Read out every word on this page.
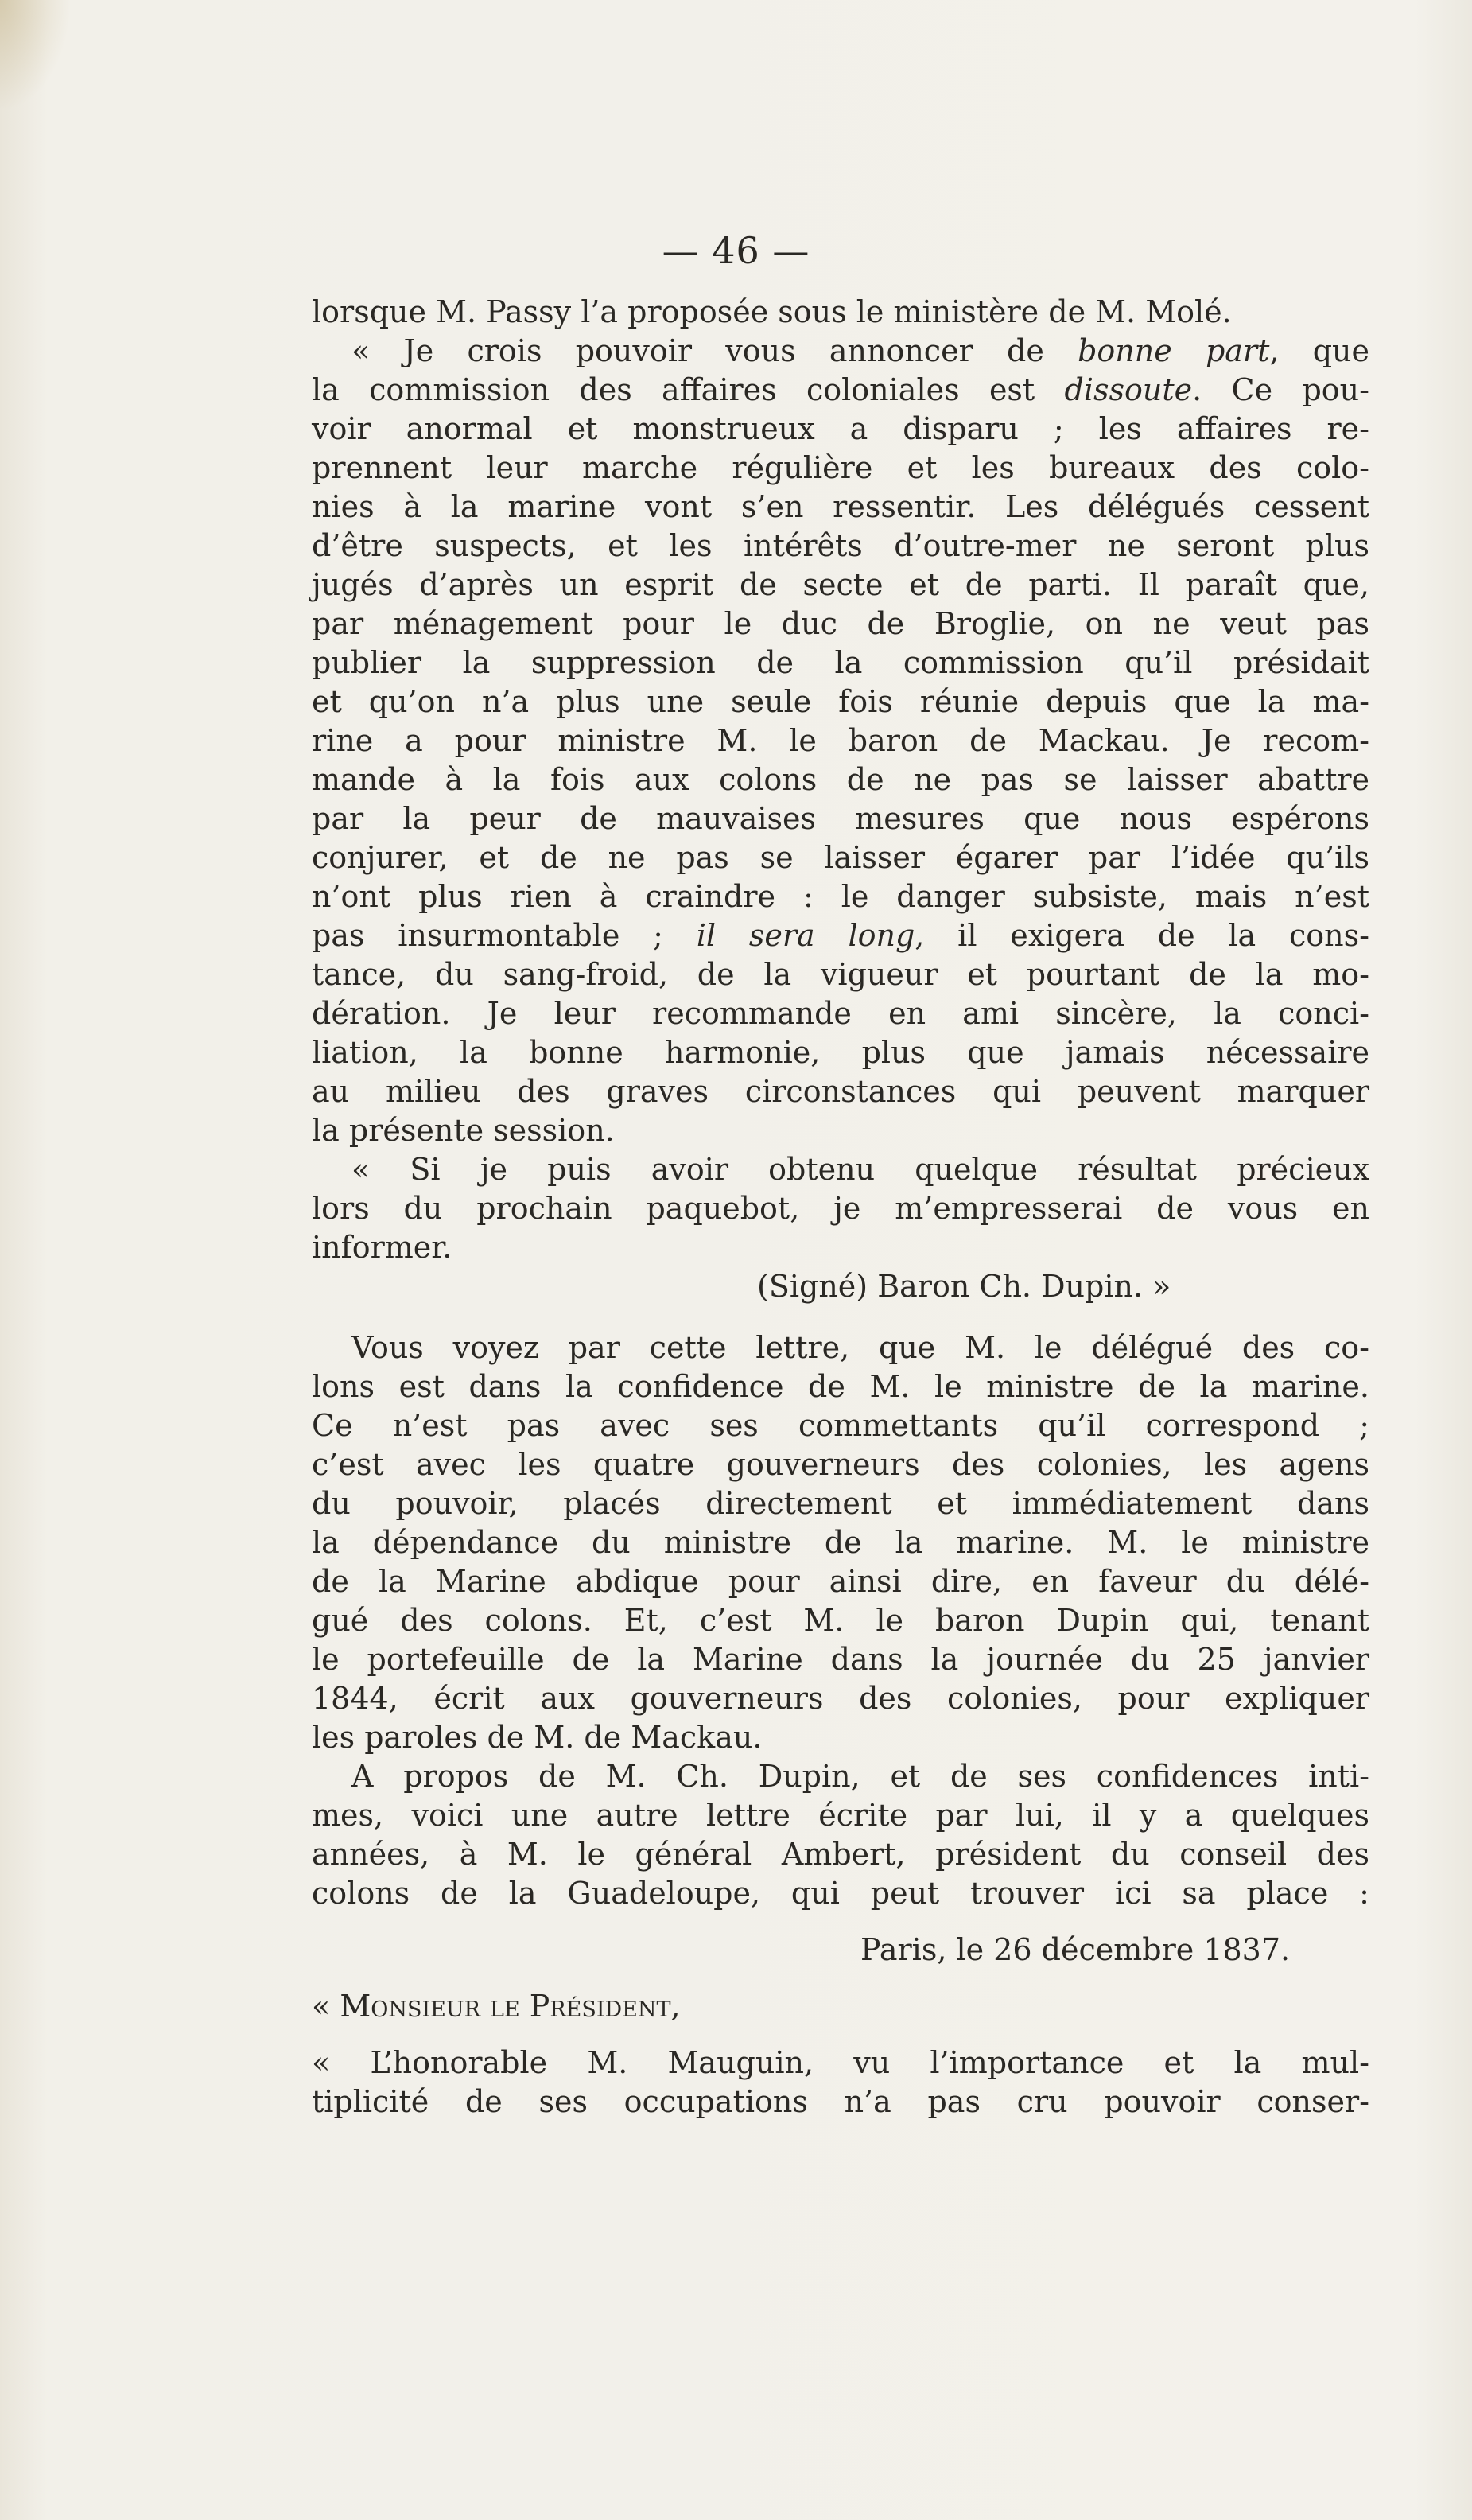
— 46 —
lorsque M. Passy l’a proposée sous le ministère de M. Molé.
« Je crois pouvoir vous annoncer de bonne part, que
la commission des affaires coloniales est dissoute. Ce pou-
voir anormal et monstrueux a disparu ; les affaires re-
prennent leur marche régulière et les bureaux des colo-
nies à la marine vont s’en ressentir. Les délégués cessent
d’être suspects, et les intérêts d’outre-mer ne seront plus
jugés d’après un esprit de secte et de parti. Il paraît que,
par ménagement pour le duc de Broglie, on ne veut pas
publier la suppression de la commission qu’il présidait
et qu’on n’a plus une seule fois réunie depuis que la ma-
rine a pour ministre M. le baron de Mackau. Je recom-
mande à la fois aux colons de ne pas se laisser abattre
par la peur de mauvaises mesures que nous espérons
conjurer, et de ne pas se laisser égarer par l’idée qu’ils
n’ont plus rien à craindre : le danger subsiste, mais n’est
pas insurmontable ; il sera long, il exigera de la cons-
tance, du sang-froid, de la vigueur et pourtant de la mo-
dération. Je leur recommande en ami sincère, la conci-
liation, la bonne harmonie, plus que jamais nécessaire
au milieu des graves circonstances qui peuvent marquer
la présente session.
« Si je puis avoir obtenu quelque résultat précieux
lors du prochain paquebot, je m’empresserai de vous en
informer.
(Signé) Baron Ch. Dupin. »
Vous voyez par cette lettre, que M. le délégué des co-
lons est dans la confidence de M. le ministre de la marine.
Ce n’est pas avec ses commettants qu’il correspond ;
c’est avec les quatre gouverneurs des colonies, les agens
du pouvoir, placés directement et immédiatement dans
la dépendance du ministre de la marine. M. le ministre
de la Marine abdique pour ainsi dire, en faveur du délé-
gué des colons. Et, c’est M. le baron Dupin qui, tenant
le portefeuille de la Marine dans la journée du 25 janvier
1844, écrit aux gouverneurs des colonies, pour expliquer
les paroles de M. de Mackau.
A propos de M. Ch. Dupin, et de ses confidences inti-
mes, voici une autre lettre écrite par lui, il y a quelques
années, à M. le général Ambert, président du conseil des
colons de la Guadeloupe, qui peut trouver ici sa place :
Paris, le 26 décembre 1837.
« Monsieur le Président,
« L’honorable M. Mauguin, vu l’importance et la mul-
tiplicité de ses occupations n’a pas cru pouvoir conser-
